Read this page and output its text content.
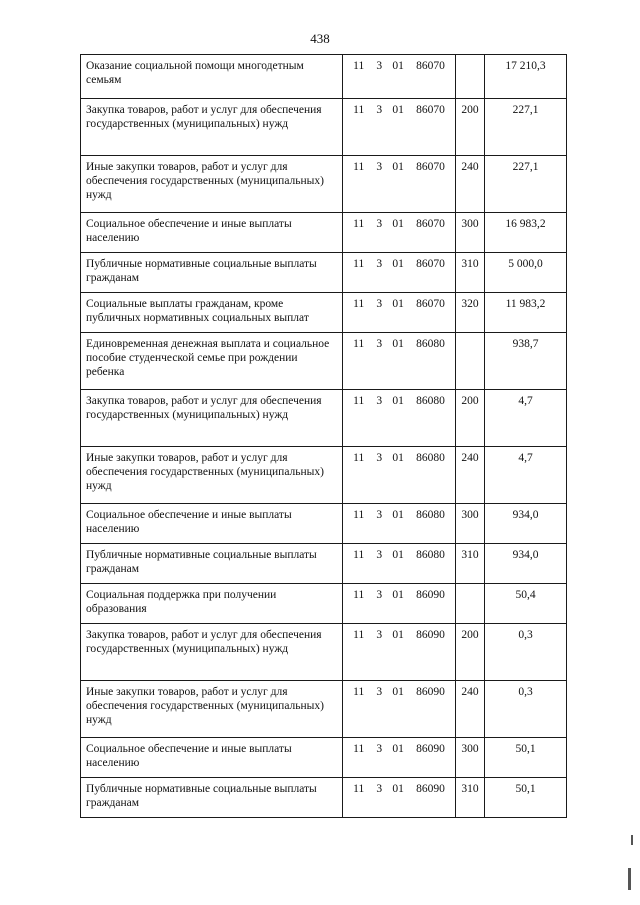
438
Оказание социальной помощи многодетным семьям	11 3 01 86070		17 210,3
Закупка товаров, работ и услуг для обеспечения государственных (муниципальных) нужд	11 3 01 86070	200	227,1
Иные закупки товаров, работ и услуг для обеспечения государственных (муниципальных) нужд	11 3 01 86070	240	227,1
Социальное обеспечение и иные выплаты населению	11 3 01 86070	300	16 983,2
Публичные нормативные социальные выплаты гражданам	11 3 01 86070	310	5 000,0
Социальные выплаты гражданам, кроме публичных нормативных социальных выплат	11 3 01 86070	320	11 983,2
Единовременная денежная выплата и социальное пособие студенческой семье при рождении ребенка	11 3 01 86080		938,7
Закупка товаров, работ и услуг для обеспечения государственных (муниципальных) нужд	11 3 01 86080	200	4,7
Иные закупки товаров, работ и услуг для обеспечения государственных (муниципальных) нужд	11 3 01 86080	240	4,7
Социальное обеспечение и иные выплаты населению	11 3 01 86080	300	934,0
Публичные нормативные социальные выплаты гражданам	11 3 01 86080	310	934,0
Социальная поддержка при получении образования	11 3 01 86090		50,4
Закупка товаров, работ и услуг для обеспечения государственных (муниципальных) нужд	11 3 01 86090	200	0,3
Иные закупки товаров, работ и услуг для обеспечения государственных (муниципальных) нужд	11 3 01 86090	240	0,3
Социальное обеспечение и иные выплаты населению	11 3 01 86090	300	50,1
Публичные нормативные социальные выплаты гражданам	11 3 01 86090	310	50,1
